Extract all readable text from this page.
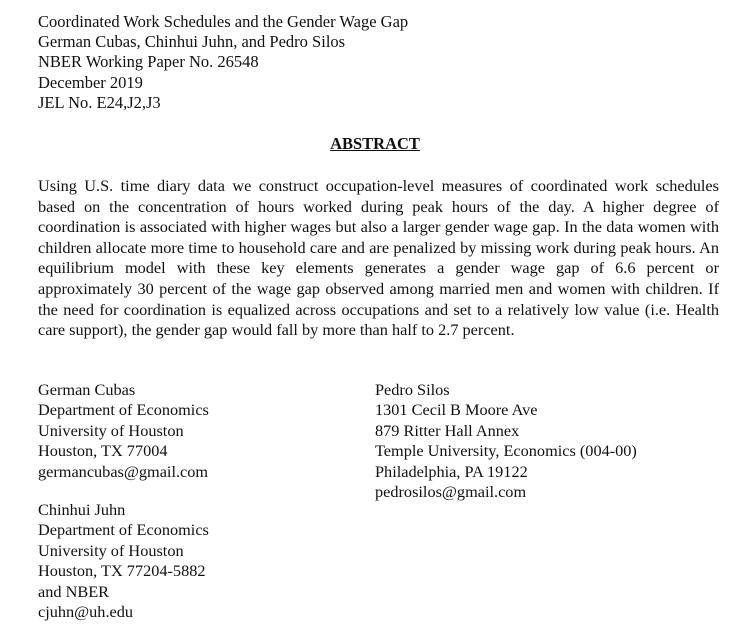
Coordinated Work Schedules and the Gender Wage Gap
German Cubas, Chinhui Juhn, and Pedro Silos
NBER Working Paper No. 26548
December 2019
JEL No. E24,J2,J3
ABSTRACT
Using U.S. time diary data we construct occupation-level measures of coordinated work schedules based on the concentration of hours worked during peak hours of the day. A higher degree of coordination is associated with higher wages but also a larger gender wage gap. In the data women with children allocate more time to household care and are penalized by missing work during peak hours. An equilibrium model with these key elements generates a gender wage gap of 6.6 percent or approximately 30 percent of the wage gap observed among married men and women with children. If the need for coordination is equalized across occupations and set to a relatively low value (i.e. Health care support), the gender gap would fall by more than half to 2.7 percent.
German Cubas
Department of Economics
University of Houston
Houston, TX 77004
germancubas@gmail.com
Chinhui Juhn
Department of Economics
University of Houston
Houston, TX 77204-5882
and NBER
cjuhn@uh.edu
Pedro Silos
1301 Cecil B Moore Ave
879 Ritter Hall Annex
Temple University, Economics (004-00)
Philadelphia, PA 19122
pedrosilos@gmail.com
